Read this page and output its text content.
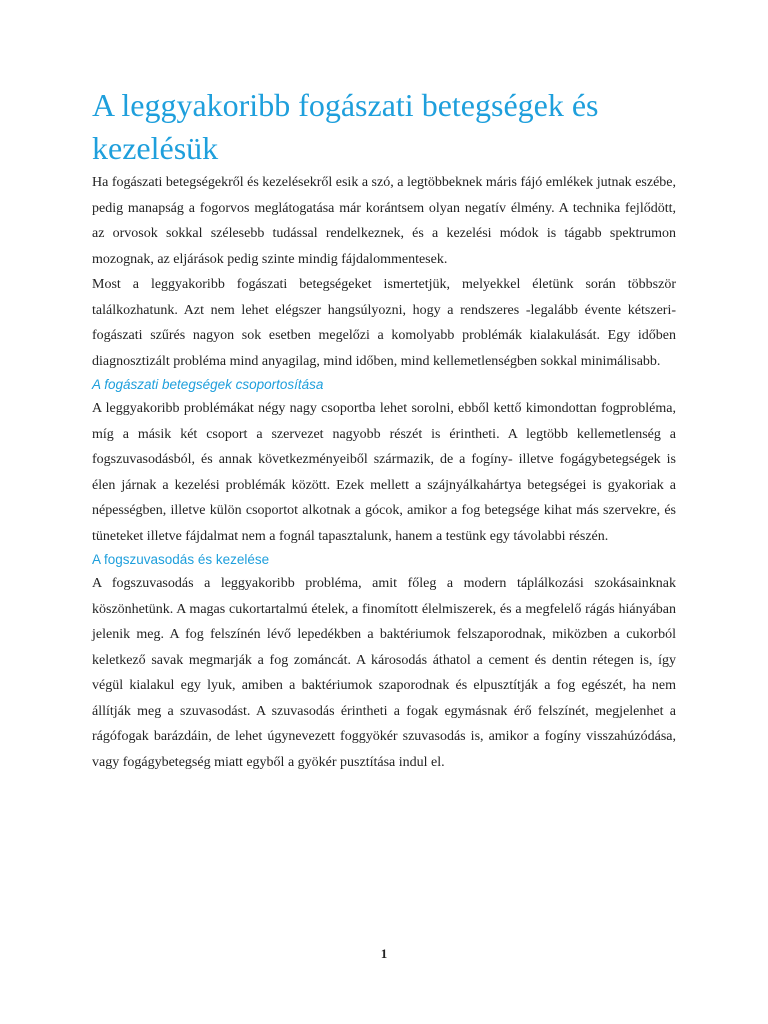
A leggyakoribb fogászati betegségek és kezelésük

Ha fogászati betegségekről és kezelésekről esik a szó, a legtöbbeknek máris fájó emlékek jutnak eszébe, pedig manapság a fogorvos meglátogatása már korántsem olyan negatív élmény. A technika fejlődött, az orvosok sokkal szélesebb tudással rendelkeznek, és a kezelési módok is tágabb spektrumon mozognak, az eljárások pedig szinte mindig fájdalommentesek.

Most a leggyakoribb fogászati betegségeket ismertetjük, melyekkel életünk során többször találkozhatunk. Azt nem lehet elégszer hangsúlyozni, hogy a rendszeres -legalább évente kétszeri-fogászati szűrés nagyon sok esetben megelőzi a komolyabb problémák kialakulását. Egy időben diagnosztizált probléma mind anyagilag, mind időben, mind kellemetlenségben sokkal minimálisabb.

A fogászati betegségek csoportosítása

A leggyakoribb problémákat négy nagy csoportba lehet sorolni, ebből kettő kimondottan fogprobléma, míg a másik két csoport a szervezet nagyobb részét is érintheti. A legtöbb kellemetlenség a fogszuvasodásból, és annak következményeiből származik, de a fogíny- illetve fogágybetegségek is élen járnak a kezelési problémák között. Ezek mellett a szájnyálkahártya betegségei is gyakoriak a népességben, illetve külön csoportot alkotnak a gócok, amikor a fog betegsége kihat más szervekre, és tüneteket illetve fájdalmat nem a fognál tapasztalunk, hanem a testünk egy távolabbi részén.

A fogszuvasodás és kezelése

A fogszuvasodás a leggyakoribb probléma, amit főleg a modern táplálkozási szokásainknak köszönhetünk. A magas cukortartalmú ételek, a finomított élelmiszerek, és a megfelelő rágás hiányában jelenik meg. A fog felszínén lévő lepedékben a baktériumok felszaporodnak, miközben a cukorból keletkező savak megmarják a fog zománcát. A károsodás áthatol a cement és dentin rétegen is, így végül kialakul egy lyuk, amiben a baktériumok szaporodnak és elpusztítják a fog egészét, ha nem állítják meg a szuvasodást. A szuvasodás érintheti a fogak egymásnak érő felszínét, megjelenhet a rágófogak barázdáin, de lehet úgynevezett foggyökér szuvasodás is, amikor a fogíny visszahúzódása, vagy fogágybetegség miatt egyből a gyökér pusztítása indul el.

1
